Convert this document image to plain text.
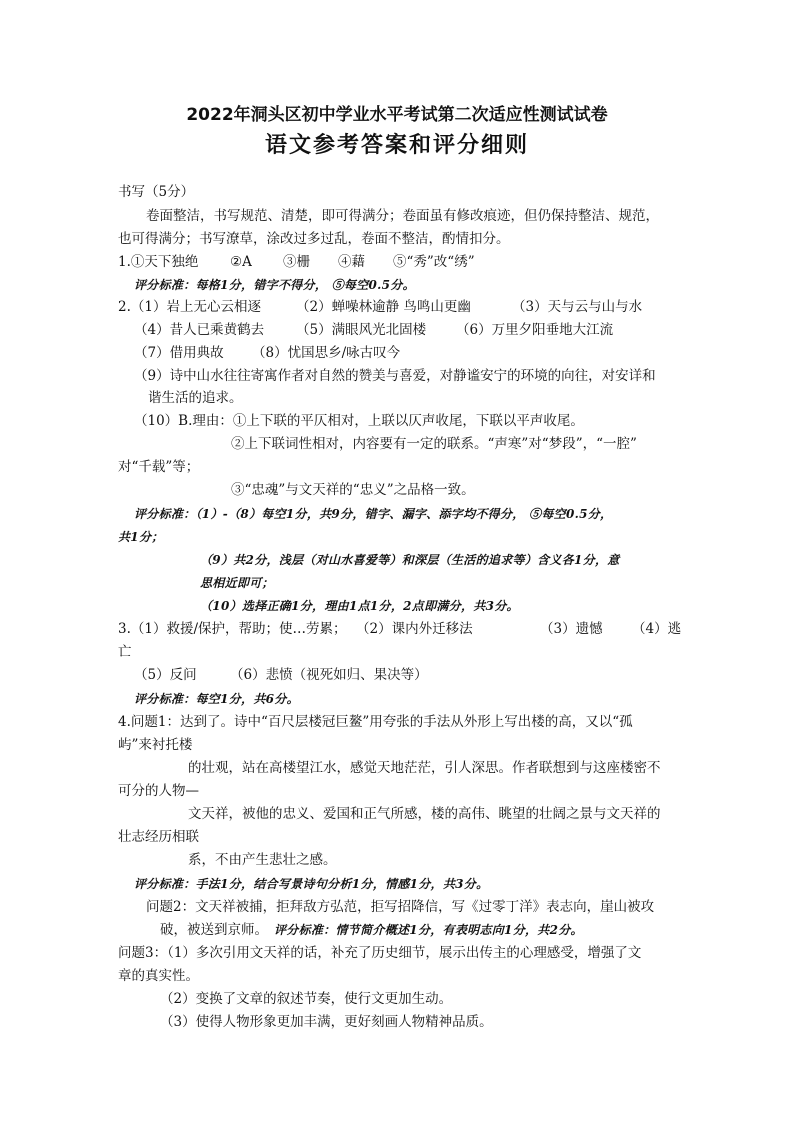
2022年洞头区初中学业水平考试第二次适应性测试试卷
语文参考答案和评分细则
书写（5分）
卷面整洁，书写规范、清楚，即可得满分；卷面虽有修改痕迹，但仍保持整洁、规范，
也可得满分；书写潦草，涂改过多过乱，卷面不整洁，酌情扣分。
1.①天下独绝 ②A ③栅 ④藉 ⑤“秀”改“绣”
评分标准：每格1分，错字不得分， ⑤每空0.5分。
2.（1）岩上无心云相逐	（2）蝉噪林逾静 鸟鸣山更幽	（3）天与云与山与水
（4）昔人已乘黄鹤去 （5）满眼风光北固楼 （6）万里夕阳垂地大江流
（7）借用典故 （8）忧国思乡/咏古叹今
（9）诗中山水往往寄寓作者对自然的赞美与喜爱，对静谧安宁的环境的向往，对安详和
谐生活的追求。
（10）B.理由：①上下联的平仄相对，上联以仄声收尾，下联以平声收尾。
②上下联词性相对，内容要有一定的联系。“声寒”对“梦段”，“一腔”
对“千载”等；
③“忠魂”与文天祥的“忠义”之品格一致。
评分标准：（1）-（8）每空1分，共9分，错字、漏字、添字均不得分， ⑤每空0.5分，
共1分；
（9）共2分，浅层（对山水喜爱等）和深层（生活的追求等）含义各1分，意
思相近即可；
（10）选择正确1分，理由1点1分，2点即满分，共3分。
3.（1）救援/保护，帮助；使…劳累； （2）课内外迁移法	（3）遗憾 （4）逃
亡
（5）反问 （6）悲愤（视死如归、果决等）
评分标准：每空1分，共6分。
4.问题1：达到了。诗中“百尺层楼冠巨鳌”用夸张的手法从外形上写出楼的高，又以“孤
屿”来衬托楼
的壮观，站在高楼望江水，感觉天地茫茫，引人深思。作者联想到与这座楼密不
可分的人物—
文天祥，被他的忠义、爱国和正气所感，楼的高伟、眺望的壮阔之景与文天祥的
壮志经历相联
系，不由产生悲壮之感。
评分标准：手法1分，结合写景诗句分析1分，情感1分，共3分。
问题2：文天祥被捕，拒拜敌方弘范，拒写招降信，写《过零丁洋》表志向，崖山被攻
破，被送到京师。 评分标准：情节简介概述1分，有表明志向1分，共2分。
问题3：（1）多次引用文天祥的话，补充了历史细节，展示出传主的心理感受，增强了文
章的真实性。
（2）变换了文章的叙述节奏，使行文更加生动。
（3）使得人物形象更加丰满，更好刻画人物精神品质。
